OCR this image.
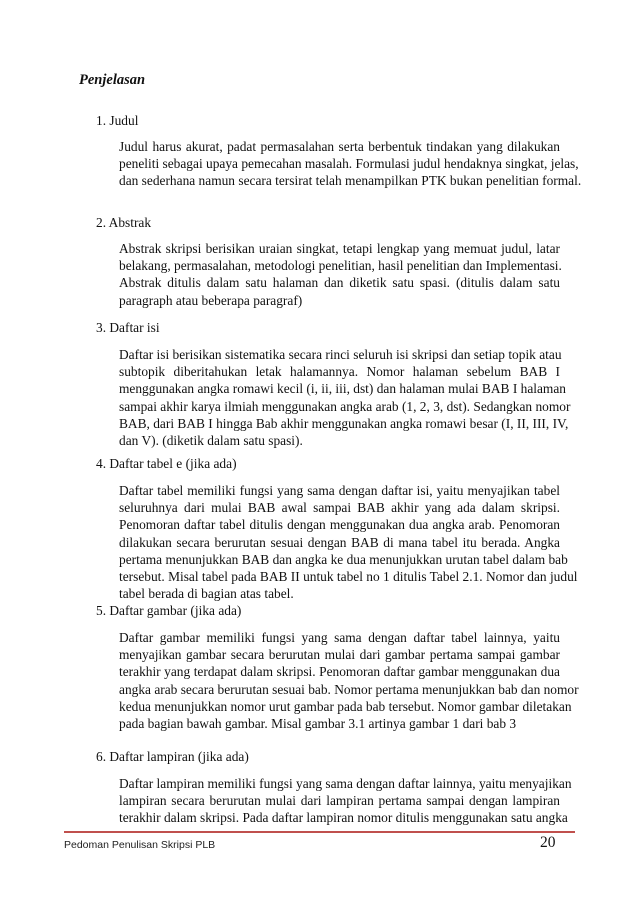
Penjelasan
1. Judul
Judul harus akurat, padat permasalahan serta berbentuk tindakan yang dilakukan
peneliti sebagai upaya pemecahan masalah. Formulasi judul hendaknya singkat, jelas,
dan sederhana namun secara tersirat telah menampilkan PTK bukan penelitian formal.
2. Abstrak
Abstrak skripsi berisikan uraian singkat, tetapi lengkap yang memuat judul, latar
belakang, permasalahan, metodologi penelitian, hasil penelitian dan Implementasi.
Abstrak ditulis dalam satu halaman dan diketik satu spasi. (ditulis dalam satu
paragraph atau beberapa paragraf)
3. Daftar isi
Daftar isi berisikan sistematika secara rinci seluruh isi skripsi dan setiap topik atau
subtopik diberitahukan letak halamannya. Nomor halaman sebelum BAB I
menggunakan angka romawi kecil (i, ii, iii, dst) dan halaman mulai BAB I halaman
sampai akhir karya ilmiah menggunakan angka arab (1, 2, 3, dst). Sedangkan nomor
BAB, dari BAB I hingga Bab akhir menggunakan angka romawi besar (I, II, III, IV,
dan V). (diketik dalam satu spasi).
4. Daftar tabel e (jika ada)
Daftar tabel memiliki fungsi yang sama dengan daftar isi, yaitu menyajikan tabel
seluruhnya dari mulai BAB awal sampai BAB akhir yang ada dalam skripsi.
Penomoran daftar tabel ditulis dengan menggunakan dua angka arab. Penomoran
dilakukan secara berurutan sesuai dengan BAB di mana tabel itu berada. Angka
pertama menunjukkan BAB dan angka ke dua menunjukkan urutan tabel dalam bab
tersebut. Misal tabel pada BAB II untuk tabel no 1 ditulis Tabel 2.1. Nomor dan judul
tabel berada di bagian atas tabel.
5. Daftar gambar (jika ada)
Daftar gambar memiliki fungsi yang sama dengan daftar tabel lainnya, yaitu
menyajikan gambar secara berurutan mulai dari gambar pertama sampai gambar
terakhir yang terdapat dalam skripsi. Penomoran daftar gambar menggunakan dua
angka arab secara berurutan sesuai bab. Nomor pertama menunjukkan bab dan nomor
kedua menunjukkan nomor urut gambar pada bab tersebut. Nomor gambar diletakan
pada bagian bawah gambar. Misal gambar 3.1 artinya gambar 1 dari bab 3
6. Daftar lampiran (jika ada)
Daftar lampiran memiliki fungsi yang sama dengan daftar lainnya, yaitu menyajikan
lampiran secara berurutan mulai dari lampiran pertama sampai dengan lampiran
terakhir dalam skripsi. Pada daftar lampiran nomor ditulis menggunakan satu angka
Pedoman Penulisan Skripsi PLB	20
